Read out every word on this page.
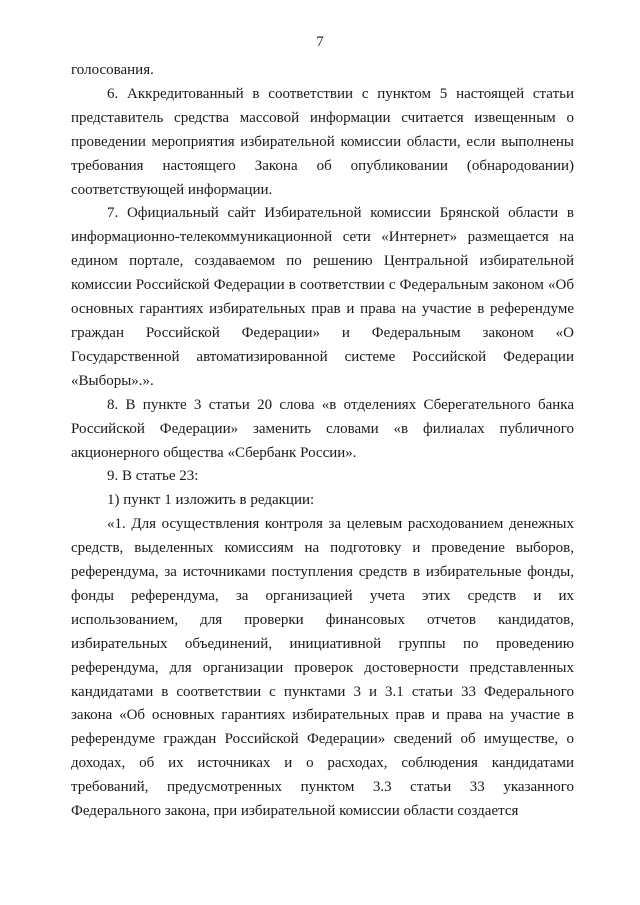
7

голосования.

6. Аккредитованный в соответствии с пунктом 5 настоящей статьи представитель средства массовой информации считается извещенным о проведении мероприятия избирательной комиссии области, если выполнены требования настоящего Закона об опубликовании (обнародовании) соответствующей информации.

7. Официальный сайт Избирательной комиссии Брянской области в информационно-телекоммуникационной сети «Интернет» размещается на едином портале, создаваемом по решению Центральной избирательной комиссии Российской Федерации в соответствии с Федеральным законом «Об основных гарантиях избирательных прав и права на участие в референдуме граждан Российской Федерации» и Федеральным законом «О Государственной автоматизированной системе Российской Федерации «Выборы».».

8. В пункте 3 статьи 20 слова «в отделениях Сберегательного банка Российской Федерации» заменить словами «в филиалах публичного акционерного общества «Сбербанк России».

9. В статье 23:

1) пункт 1 изложить в редакции:

«1. Для осуществления контроля за целевым расходованием денежных средств, выделенных комиссиям на подготовку и проведение выборов, референдума, за источниками поступления средств в избирательные фонды, фонды референдума, за организацией учета этих средств и их использованием, для проверки финансовых отчетов кандидатов, избирательных объединений, инициативной группы по проведению референдума, для организации проверок достоверности представленных кандидатами в соответствии с пунктами 3 и 3.1 статьи 33 Федерального закона «Об основных гарантиях избирательных прав и права на участие в референдуме граждан Российской Федерации» сведений об имуществе, о доходах, об их источниках и о расходах, соблюдения кандидатами требований, предусмотренных пунктом 3.3 статьи 33 указанного Федерального закона, при избирательной комиссии области создается
